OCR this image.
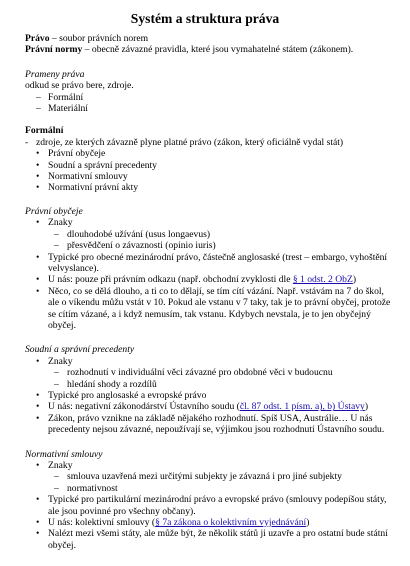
Systém a struktura práva

Právo – soubor právních norem

Právní normy – obecně závazné pravidla, které jsou vymahatelné státem (zákonem).

Prameny práva
odkud se právo bere, zdroje.
– Formální
– Materiální
Formální
- zdroje, ze kterých závazně plyne platné právo (zákon, který oficiálně vydal stát)
• Právní obyčeje
• Soudní a správní precedenty
• Normativní smlouvy
• Normativní právní akty
Právní obyčeje
• Znaky
– dlouhodobé užívání (usus longaevus)
– přesvědčení o závaznosti (opinio iuris)
• Typické pro obecné mezinárodní právo, částečně anglosaské (trest – embargo, vyhoštění velvyslance).
• U nás: pouze při právním odkazu (např. obchodní zvyklosti dle § 1 odst. 2 ObZ)
• Něco, co se dělá dlouho, a ti co to dělají, se tím cítí vázání. Např. vstávám na 7 do škol, ale o víkendu můžu vstát v 10. Pokud ale vstanu v 7 taky, tak je to právní obyčej, protože se cítím vázané, a i když nemusím, tak vstanu. Kdybych nevstala, je to jen obyčejný obyčej.
Soudní a správní precedenty
• Znaky
– rozhodnutí v individuální věci závazné pro obdobné věci v budoucnu
– hledání shody a rozdílů
• Typické pro anglosaské a evropské právo
• U nás: negativní zákonodárství Ústavního soudu (čl. 87 odst. 1 písm. a), b) Ústavy)
• Zákon, právo vznikne na základě nějakého rozhodnutí. Spíš USA, Austrálie… U nás precedenty nejsou závazné, nepoužívají se, výjimkou jsou rozhodnutí Ústavního soudu.
Normativní smlouvy
• Znaky
– smlouva uzavřená mezi určitými subjekty je závazná i pro jiné subjekty
– normativnost
• Typické pro partikulární mezinárodní právo a evropské právo (smlouvy podepíšou státy, ale jsou povinné pro všechny občany).
• U nás: kolektivní smlouvy (§ 7a zákona o kolektivním vyjednávání)
• Nalézt mezi všemi státy, ale může být, že několik států ji uzavře a pro ostatní bude státní obyčej.
